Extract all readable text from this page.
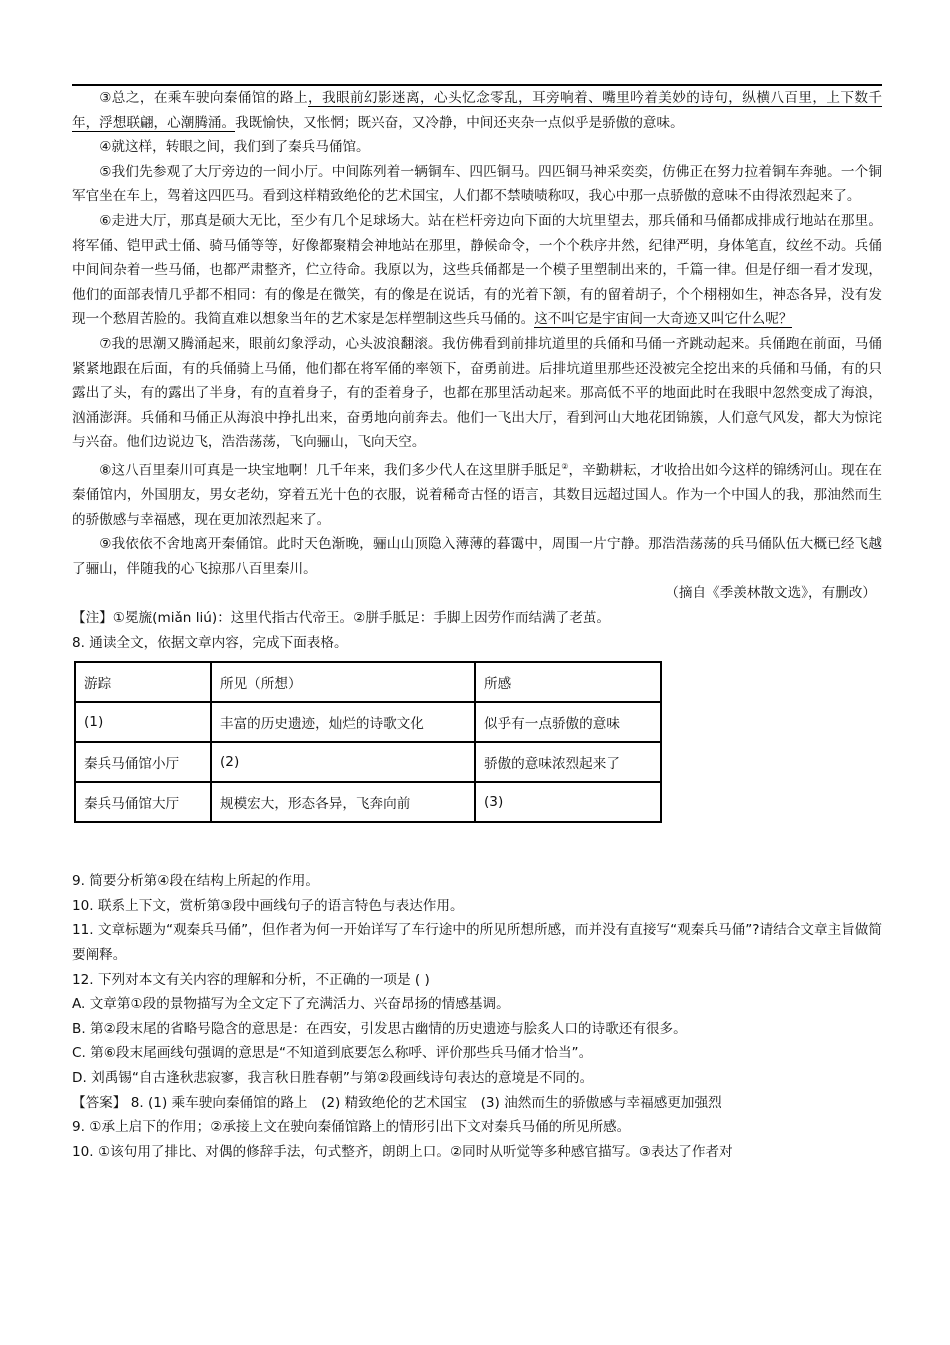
③总之，在乘车驶向秦俑馆的路上，我眼前幻影迷离，心头忆念零乱，耳旁响着、嘴里吟着美妙的诗句，纵横八百里，上下数千年，浮想联翩，心潮腾涌。我既愉快，又怅惘；既兴奋，又冷静，中间还夹杂一点似乎是骄傲的意味。

④就这样，转眼之间，我们到了秦兵马俑馆。

⑤我们先参观了大厅旁边的一间小厅。中间陈列着一辆铜车、四匹铜马。四匹铜马神采奕奕，仿佛正在努力拉着铜车奔驰。一个铜军官坐在车上，驾着这四匹马。看到这样精致绝伦的艺术国宝，人们都不禁啧啧称叹，我心中那一点骄傲的意味不由得浓烈起来了。

⑥走进大厅，那真是硕大无比，至少有几个足球场大。站在栏杆旁边向下面的大坑里望去，那兵俑和马俑都成排成行地站在那里。将军俑、铠甲武士俑、骑马俑等等，好像都聚精会神地站在那里，静候命令，一个个秩序井然，纪律严明，身体笔直，纹丝不动。兵俑中间间杂着一些马俑，也都严肃整齐，伫立待命。我原以为，这些兵俑都是一个模子里塑制出来的，千篇一律。但是仔细一看才发现，他们的面部表情几乎都不相同：有的像是在微笑，有的像是在说话，有的光着下颔，有的留着胡子，个个栩栩如生，神态各异，没有发现一个愁眉苦脸的。我简直难以想象当年的艺术家是怎样塑制这些兵马俑的。这不叫它是宇宙间一大奇迹又叫它什么呢？

⑦我的思潮又腾涌起来，眼前幻象浮动，心头波浪翻滚。我仿佛看到前排坑道里的兵俑和马俑一齐跳动起来。兵俑跑在前面，马俑紧紧地跟在后面，有的兵俑骑上马俑，他们都在将军俑的率领下，奋勇前进。后排坑道里那些还没被完全挖出来的兵俑和马俑，有的只露出了头，有的露出了半身，有的直着身子，有的歪着身子，也都在那里活动起来。那高低不平的地面此时在我眼中忽然变成了海浪，汹涌澎湃。兵俑和马俑正从海浪中挣扎出来，奋勇地向前奔去。他们一飞出大厅，看到河山大地花团锦簇，人们意气风发，都大为惊诧与兴奋。他们边说边飞，浩浩荡荡，飞向骊山，飞向天空。

⑧这八百里秦川可真是一块宝地啊！几千年来，我们多少代人在这里胼手胝足②，辛勤耕耘，才收拾出如今这样的锦绣河山。现在在秦俑馆内，外国朋友，男女老幼，穿着五光十色的衣服，说着稀奇古怪的语言，其数目远超过国人。作为一个中国人的我，那油然而生的骄傲感与幸福感，现在更加浓烈起来了。

⑨我依依不舍地离开秦俑馆。此时天色渐晚，骊山山顶隐入薄薄的暮霭中，周围一片宁静。那浩浩荡荡的兵马俑队伍大概已经飞越了骊山，伴随我的心飞掠那八百里秦川。

（摘自《季羡林散文选》，有删改）

【注】①冕旒(miǎn liú)：这里代指古代帝王。②胼手胝足：手脚上因劳作而结满了老茧。

8. 通读全文，依据文章内容，完成下面表格。

游踪	所见（所想）	所感
(1)	丰富的历史遗迹，灿烂的诗歌文化	似乎有一点骄傲的意味
秦兵马俑馆小厅	(2)	骄傲的意味浓烈起来了
秦兵马俑馆大厅	规模宏大，形态各异，飞奔向前	(3)

9. 简要分析第④段在结构上所起的作用。

10. 联系上下文，赏析第③段中画线句子的语言特色与表达作用。

11. 文章标题为“观秦兵马俑”，但作者为何一开始详写了车行途中的所见所想所感，而并没有直接写“观秦兵马俑”?请结合文章主旨做简要阐释。

12. 下列对本文有关内容的理解和分析，不正确的一项是 ( )

A. 文章第①段的景物描写为全文定下了充满活力、兴奋昂扬的情感基调。

B. 第②段末尾的省略号隐含的意思是：在西安，引发思古幽情的历史遗迹与脍炙人口的诗歌还有很多。

C. 第⑥段末尾画线句强调的意思是“不知道到底要怎么称呼、评价那些兵马俑才恰当”。

D. 刘禹锡“自古逢秋悲寂寥，我言秋日胜春朝”与第②段画线诗句表达的意境是不同的。

【答案】 8. (1) 乘车驶向秦俑馆的路上　(2) 精致绝伦的艺术国宝　(3) 油然而生的骄傲感与幸福感更加强烈

9. ①承上启下的作用；②承接上文在驶向秦俑馆路上的情形引出下文对秦兵马俑的所见所感。

10. ①该句用了排比、对偶的修辞手法，句式整齐，朗朗上口。②同时从听觉等多种感官描写。③表达了作者对
